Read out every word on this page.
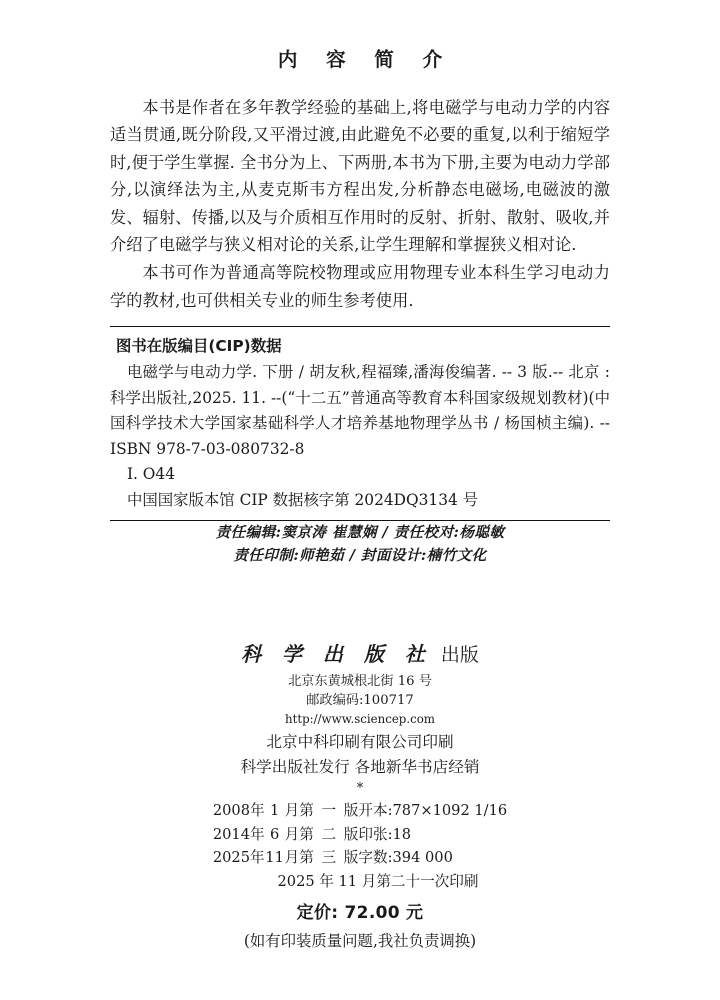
内 容 简 介

本书是作者在多年教学经验的基础上,将电磁学与电动力学的内容适当贯通,既分阶段,又平滑过渡,由此避免不必要的重复,以利于缩短学时,便于学生掌握. 全书分为上、下两册,本书为下册,主要为电动力学部分,以演绎法为主,从麦克斯韦方程出发,分析静态电磁场,电磁波的激发、辐射、传播,以及与介质相互作用时的反射、折射、散射、吸收,并介绍了电磁学与狭义相对论的关系,让学生理解和掌握狭义相对论.

本书可作为普通高等院校物理或应用物理专业本科生学习电动力学的教材,也可供相关专业的师生参考使用.

图书在版编目(CIP)数据

电磁学与电动力学. 下册 / 胡友秋,程福臻,潘海俊编著. -- 3 版.-- 北京 : 科学出版社,2025. 11. --(“十二五”普通高等教育本科国家级规划教材)(中国科学技术大学国家基础科学人才培养基地物理学丛书 / 杨国桢主编). -- ISBN 978-7-03-080732-8

Ⅰ. O44

中国国家版本馆 CIP 数据核字第 2024DQ3134 号

责任编辑:窦京涛 崔慧娴 / 责任校对:杨聪敏

责任印制:师艳茹 / 封面设计:楠竹文化

科 学 出 版 社 出版

北京东黄城根北街 16 号

邮政编码:100717

http://www.sciencep.com

北京中科印刷有限公司印刷

科学出版社发行 各地新华书店经销

*

2008	年	1	月第	一	版	开本:787×1092 1/16
2014	年	6	月第	二	版	印张:18
2025	年	11	月第	三	版	字数:394 000

2025 年 11 月第二十一次印刷

定价: 72.00 元

(如有印装质量问题,我社负责调换)
